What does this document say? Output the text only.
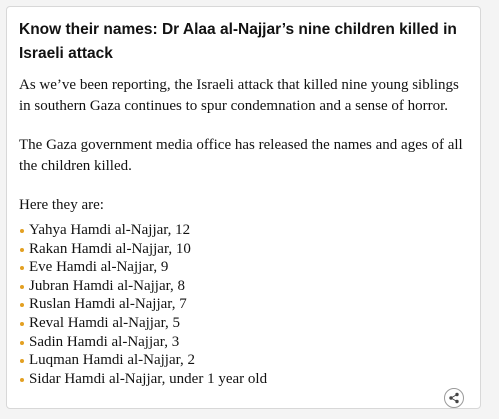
Know their names: Dr Alaa al-Najjar’s nine children killed in Israeli attack

As we’ve been reporting, the Israeli attack that killed nine young siblings in southern Gaza continues to spur condemnation and a sense of horror.

The Gaza government media office has released the names and ages of all the children killed.

Here they are:

Yahya Hamdi al-Najjar, 12
Rakan Hamdi al-Najjar, 10
Eve Hamdi al-Najjar, 9
Jubran Hamdi al-Najjar, 8
Ruslan Hamdi al-Najjar, 7
Reval Hamdi al-Najjar, 5
Sadin Hamdi al-Najjar, 3
Luqman Hamdi al-Najjar, 2
Sidar Hamdi al-Najjar, under 1 year old
